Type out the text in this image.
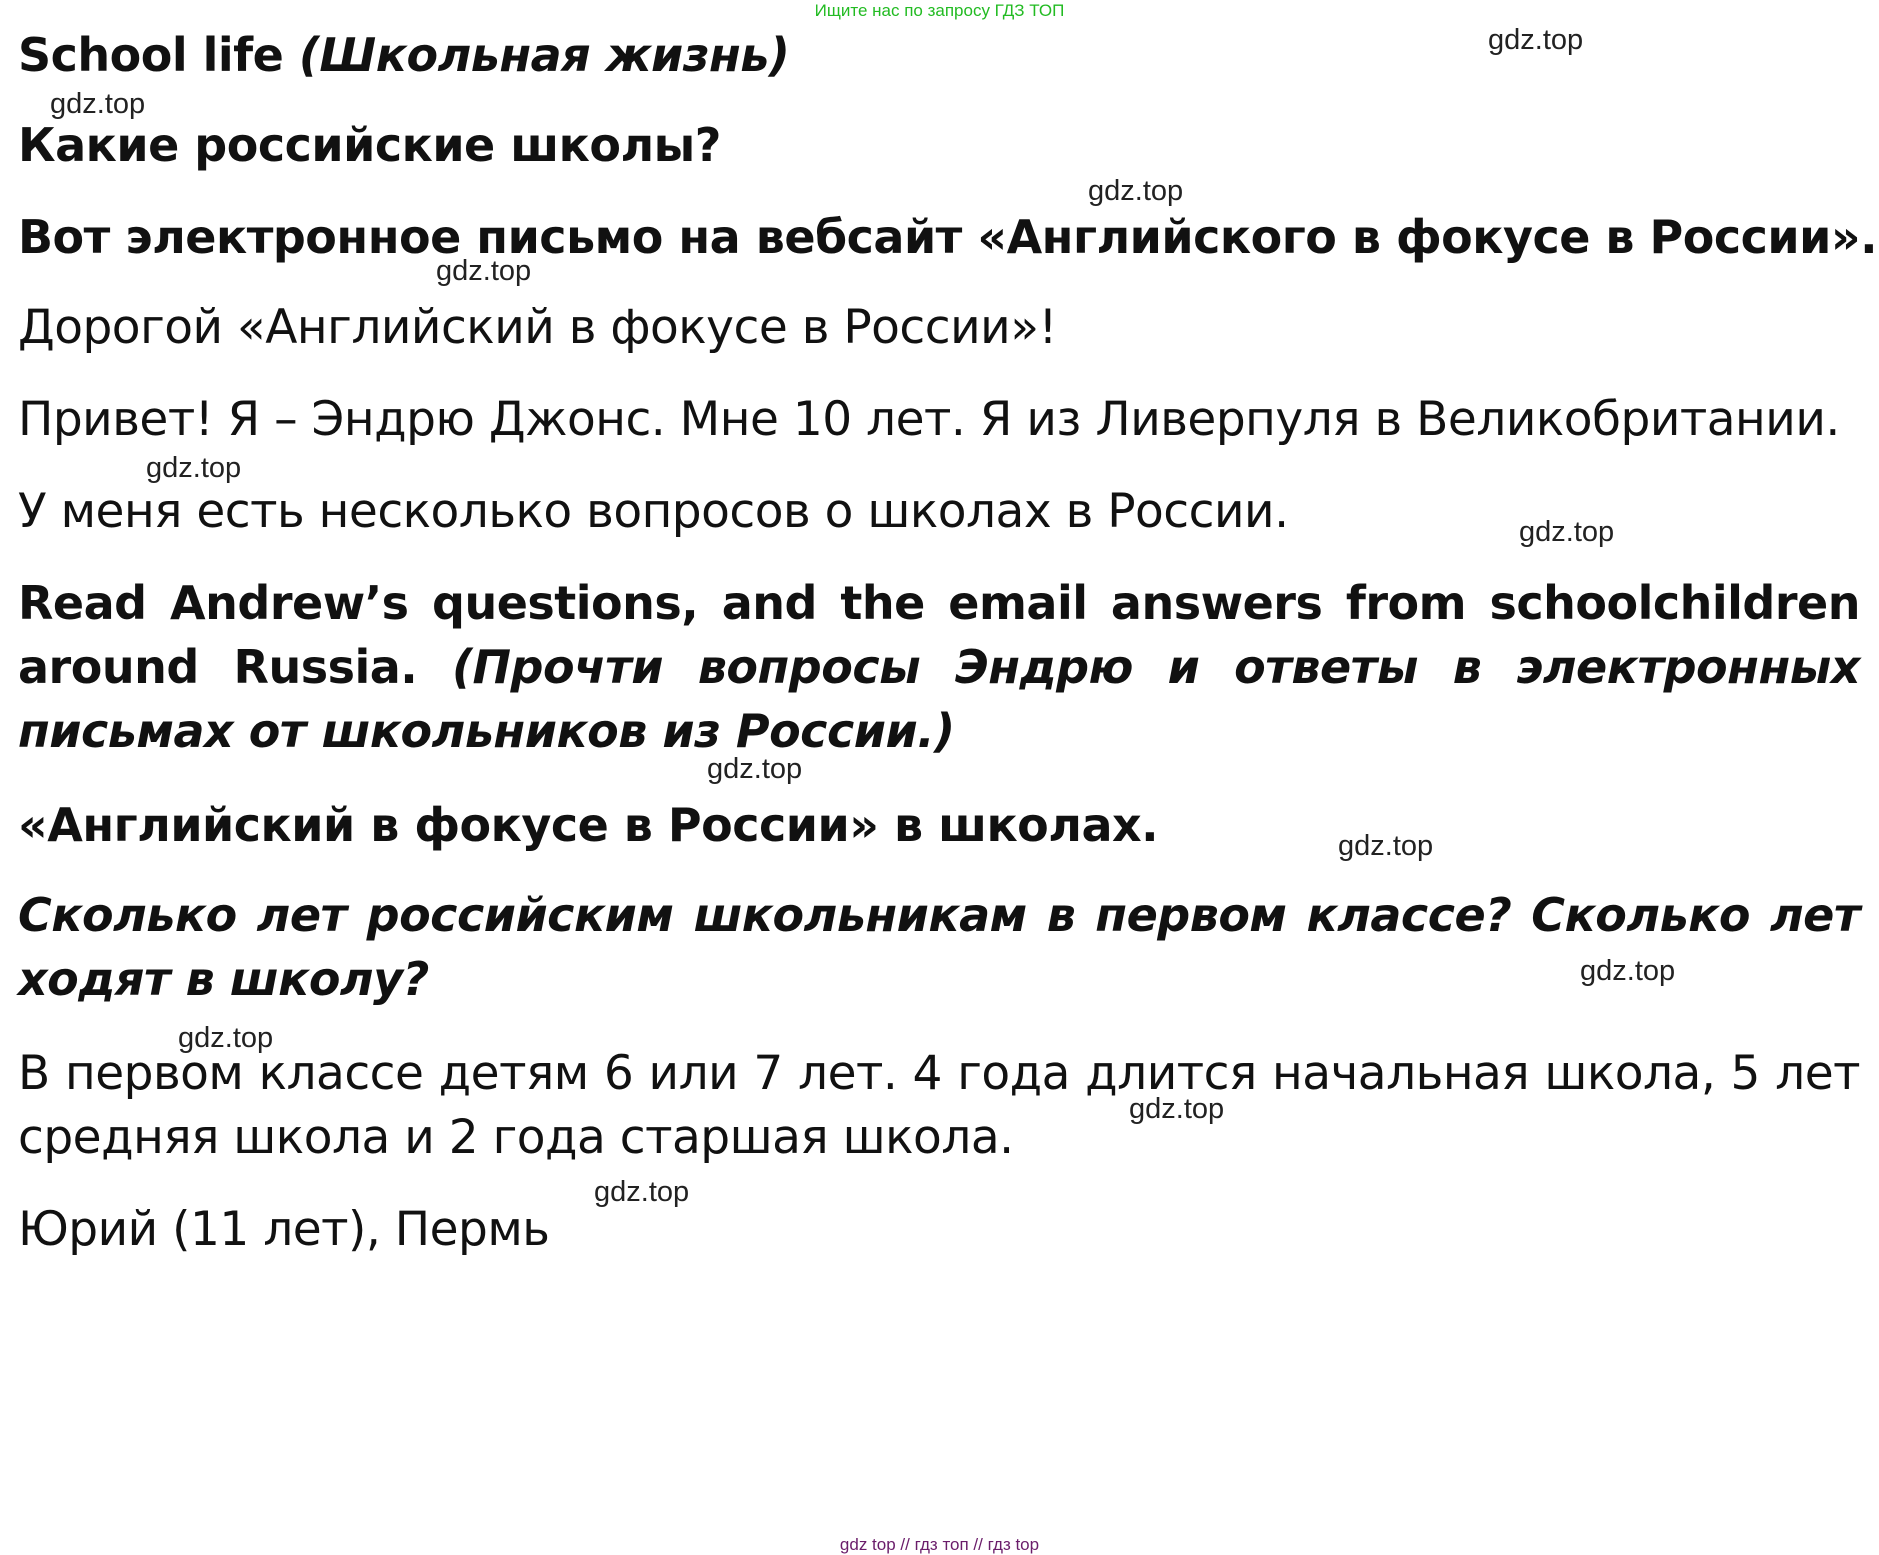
Ищите нас по запросу ГДЗ ТОП
School life (Школьная жизнь)
Какие российские школы?
Вот электронное письмо на вебсайт «Английского в фокусе в России».
Дорогой «Английский в фокусе в России»!
Привет! Я – Эндрю Джонс. Мне 10 лет. Я из Ливерпуля в Великобритании.
У меня есть несколько вопросов о школах в России.
Read Andrew’s questions, and the email answers from schoolchildren
around Russia. (Прочти вопросы Эндрю и ответы в электронных
письмах от школьников из России.)
«Английский в фокусе в России» в школах.
Сколько лет российским школьникам в первом классе? Сколько лет
ходят в школу?
В первом классе детям 6 или 7 лет. 4 года длится начальная школа, 5 лет
средняя школа и 2 года старшая школа.
Юрий (11 лет), Пермь
gdz.top
gdz.top
gdz.top
gdz.top
gdz.top
gdz.top
gdz.top
gdz.top
gdz.top
gdz.top
gdz.top
gdz.top
gdz top // гдз топ // гдз top
